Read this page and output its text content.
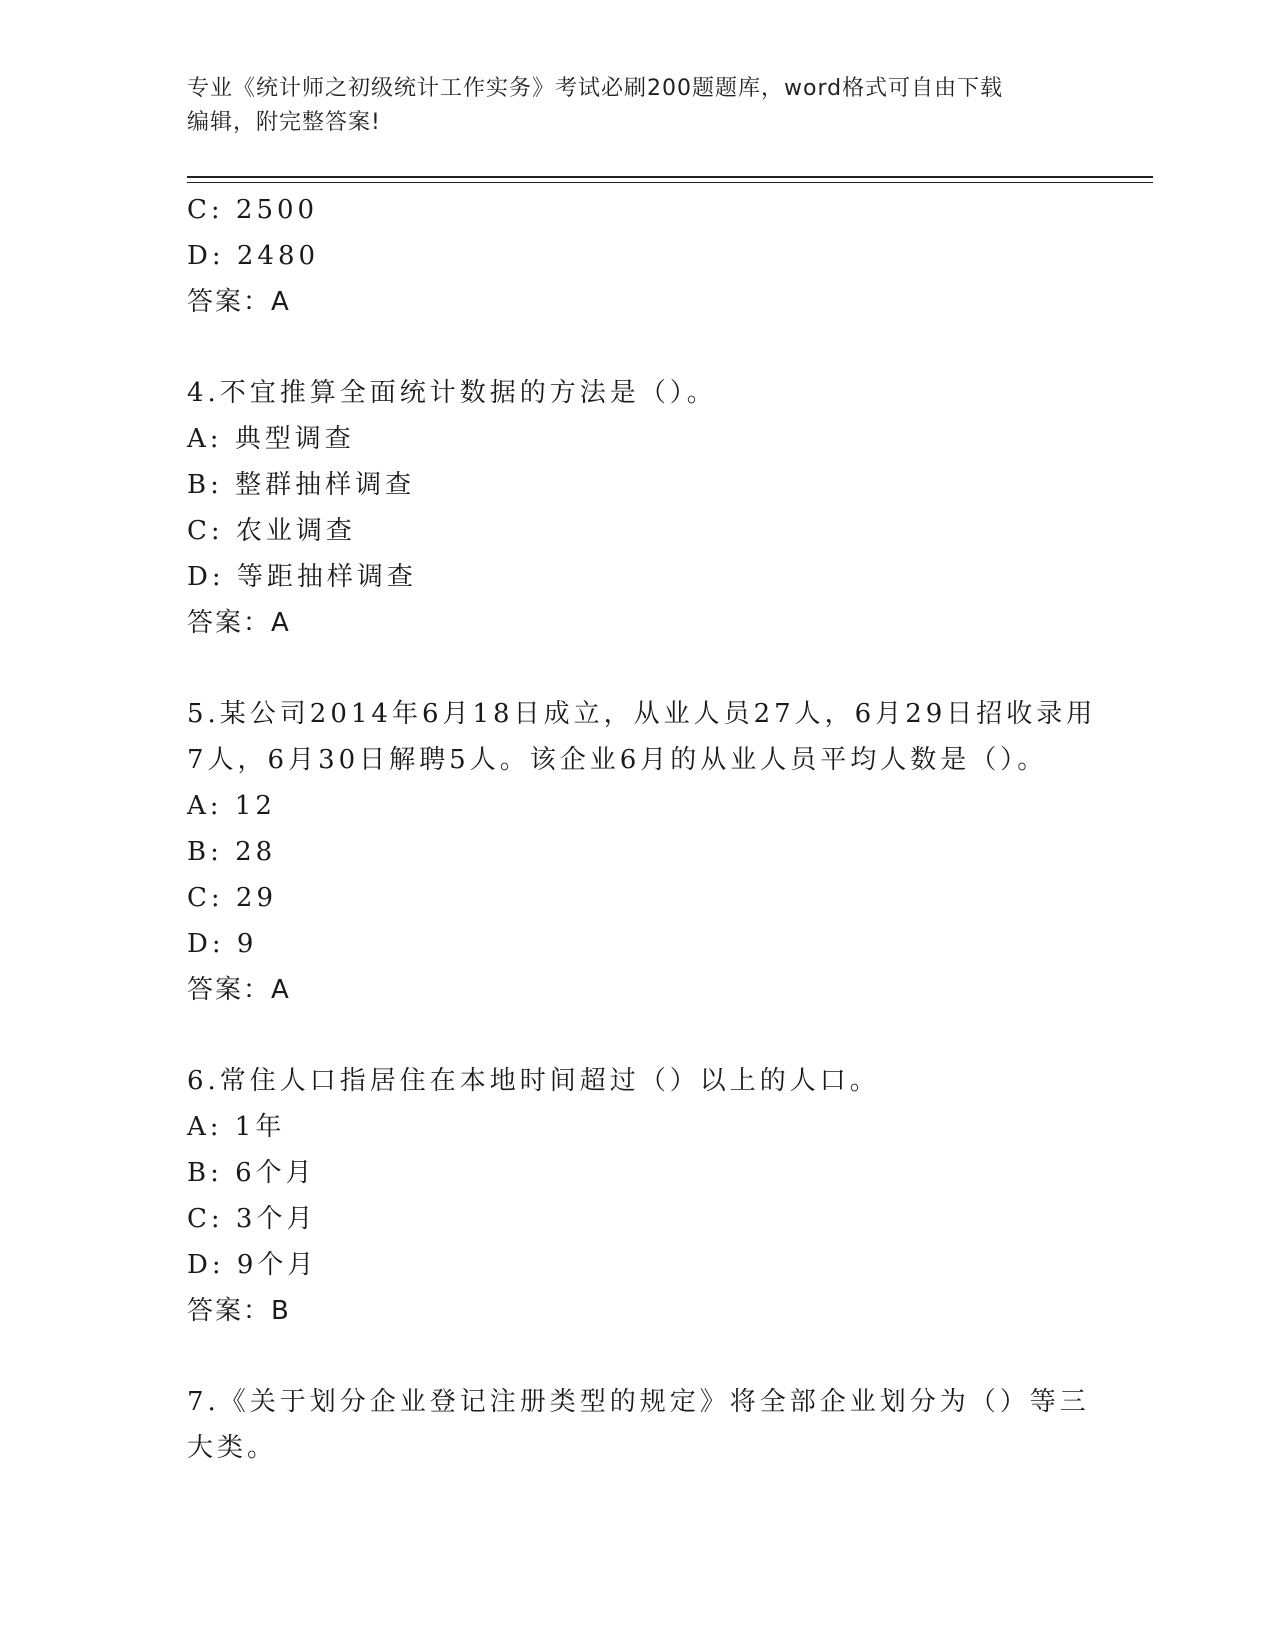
专业《统计师之初级统计工作实务》考试必刷200题题库，word格式可自由下载
编辑，附完整答案!
C: 2500
D: 2480
答案：A
4.不宜推算全面统计数据的方法是（）。
A: 典型调查
B: 整群抽样调查
C: 农业调查
D: 等距抽样调查
答案：A
5.某公司2014年6月18日成立，从业人员27人，6月29日招收录用
7人，6月30日解聘5人。该企业6月的从业人员平均人数是（）。
A: 12
B: 28
C: 29
D: 9
答案：A
6.常住人口指居住在本地时间超过（）以上的人口。
A: 1年
B: 6个月
C: 3个月
D: 9个月
答案：B
7.《关于划分企业登记注册类型的规定》将全部企业划分为（）等三
大类。
